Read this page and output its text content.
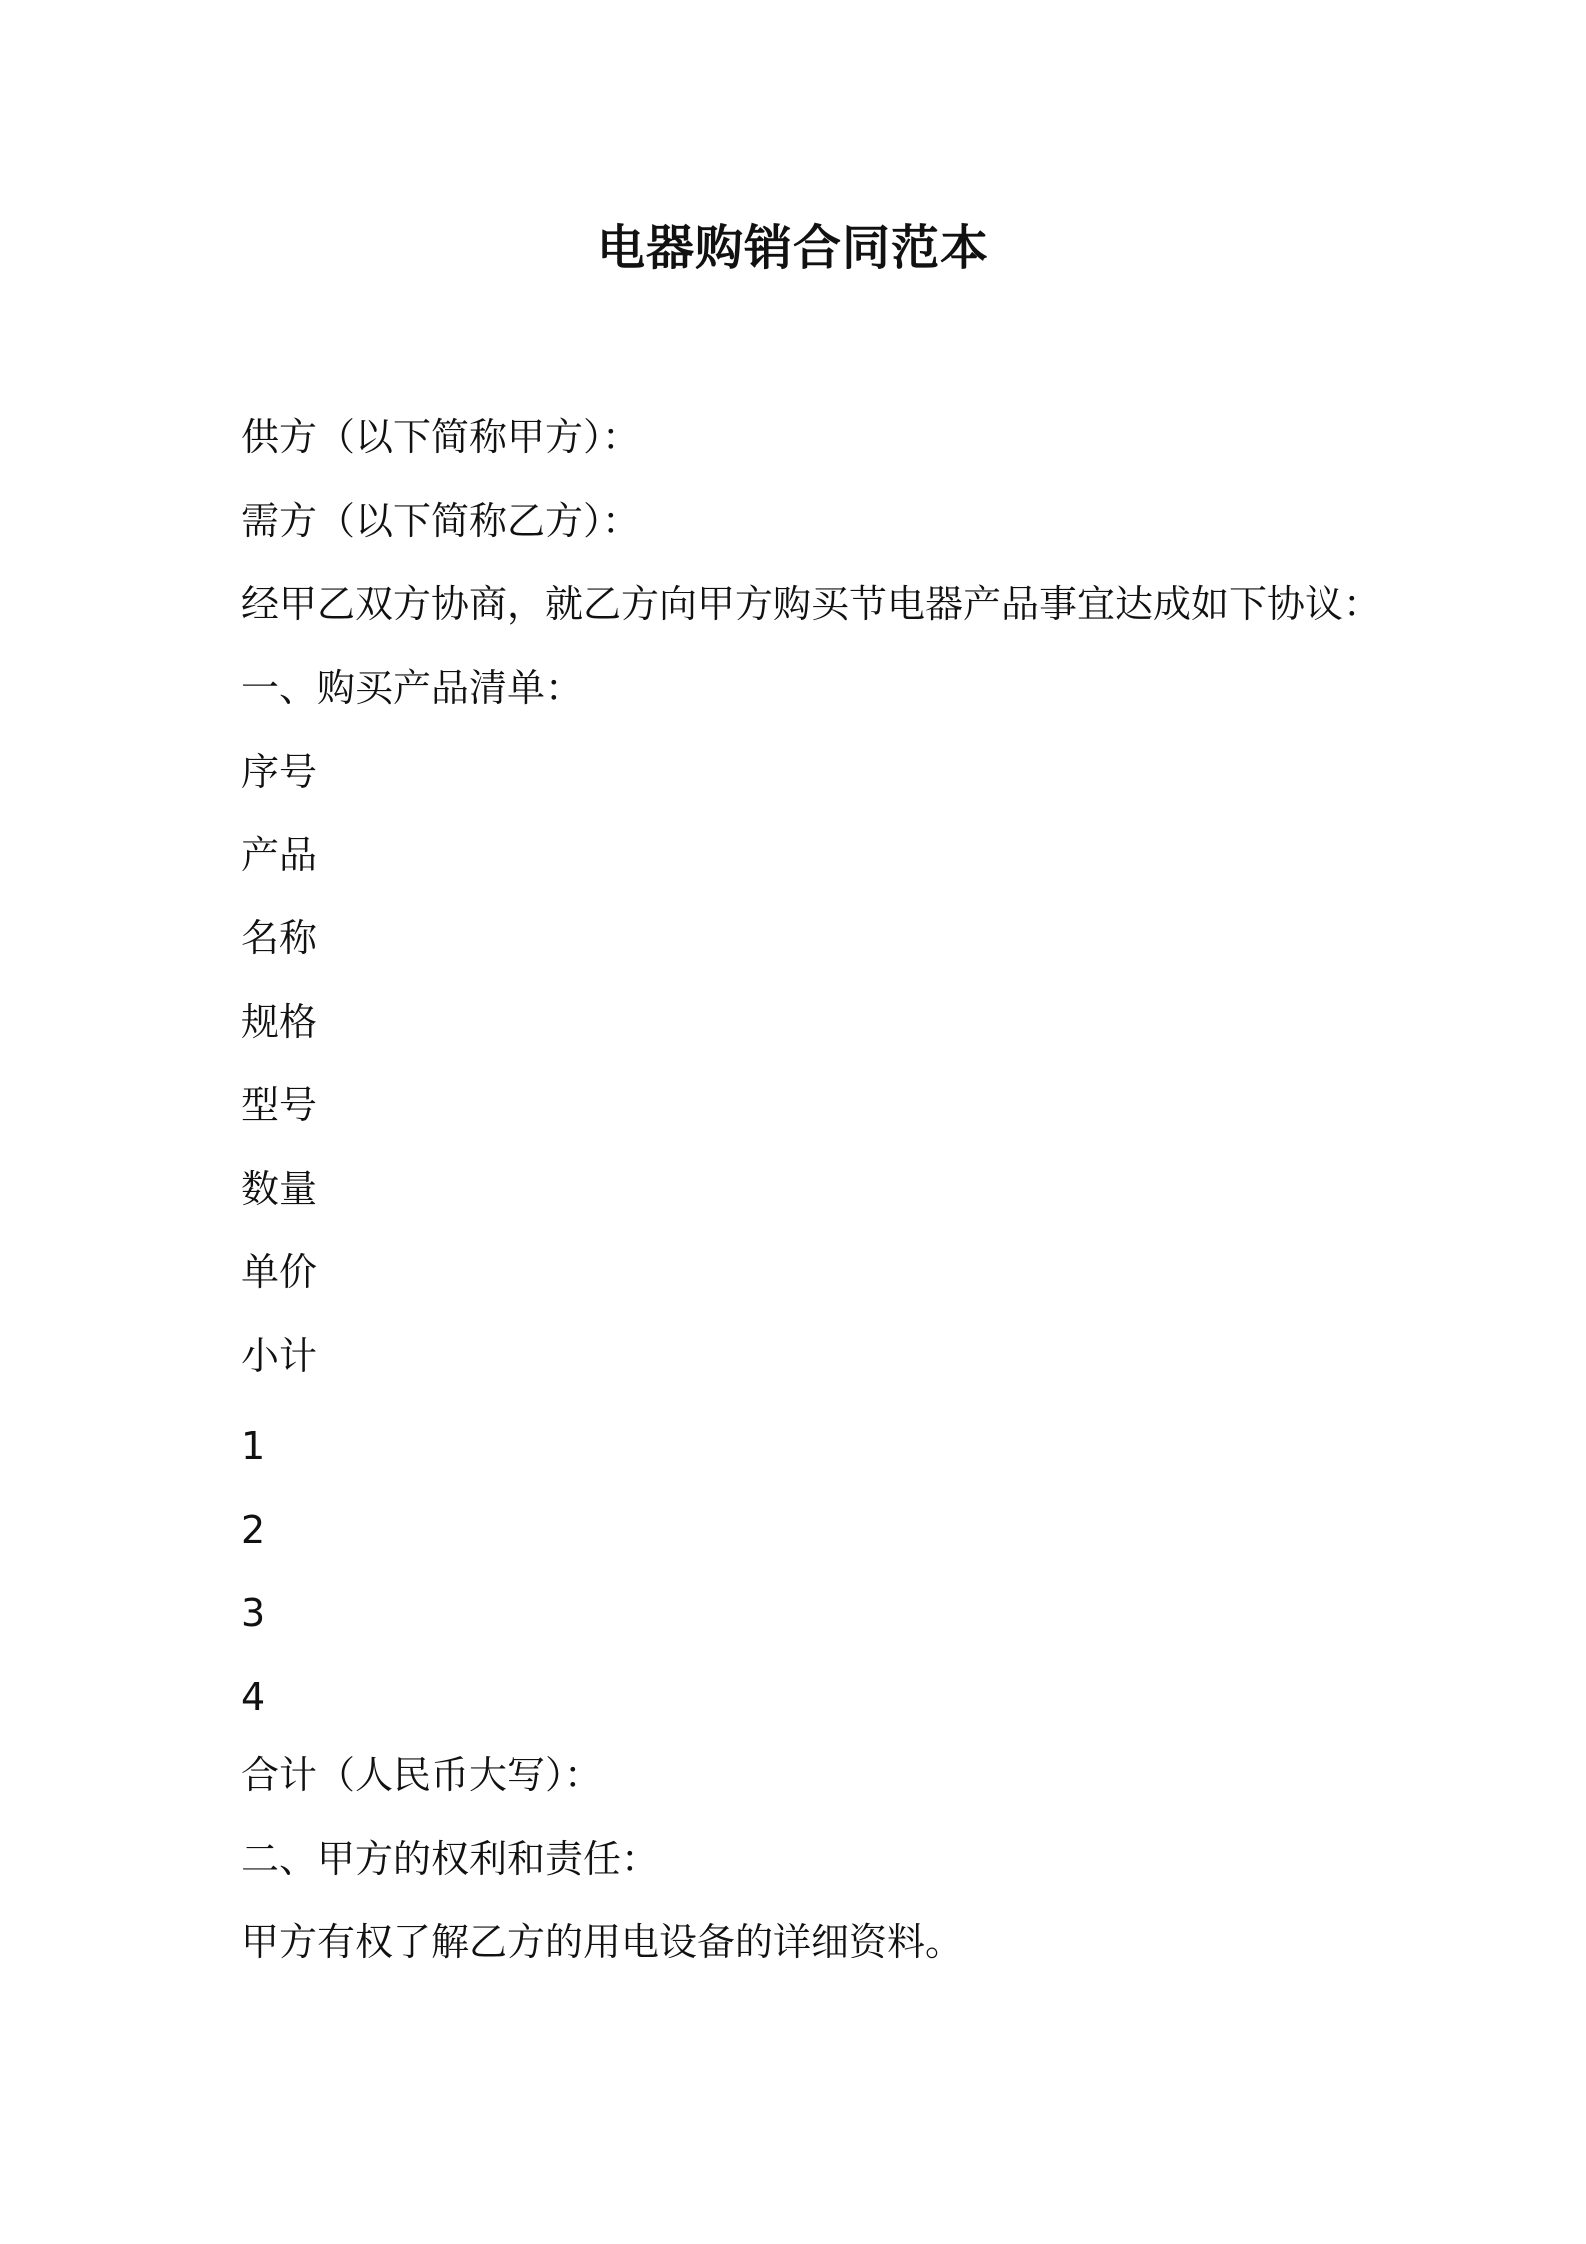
电器购销合同范本
供方（以下简称甲方）：
需方（以下简称乙方）：
经甲乙双方协商，就乙方向甲方购买节电器产品事宜达成如下协议：
一、购买产品清单：
序号
产品
名称
规格
型号
数量
单价
小计
1
2
3
4
合计（人民币大写）：
二、甲方的权利和责任：
甲方有权了解乙方的用电设备的详细资料。
